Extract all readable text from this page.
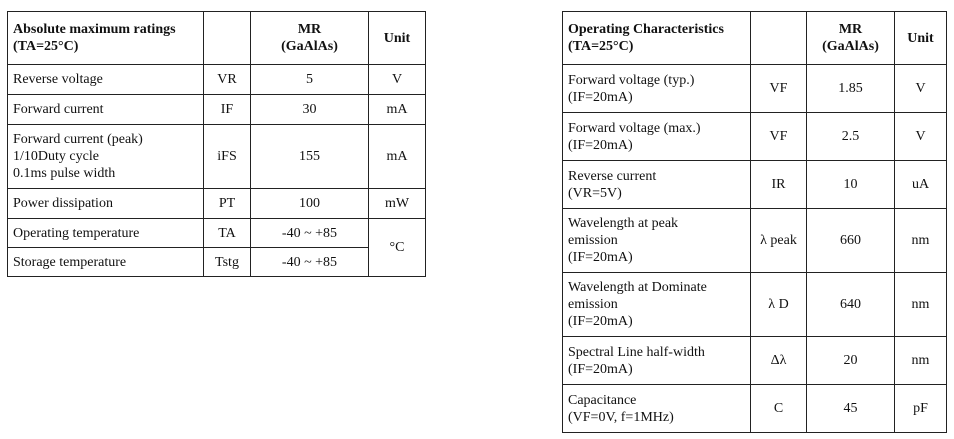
Absolute maximum ratings
(TA=25°C)		MR
(GaAlAs)	Unit
Reverse voltage	VR	5	V
Forward current	IF	30	mA
Forward current (peak)
1/10Duty cycle
0.1ms pulse width	iFS	155	mA
Power dissipation	PT	100	mW
Operating temperature	TA	-40 ~ +85	°C
Storage temperature	Tstg	-40 ~ +85	
Operating Characteristics
(TA=25°C)		MR
(GaAlAs)	Unit
Forward voltage (typ.)
(IF=20mA)	VF	1.85	V
Forward voltage (max.)
(IF=20mA)	VF	2.5	V
Reverse current
(VR=5V)	IR	10	uA
Wavelength at peak
emission
(IF=20mA)	λ peak	660	nm
Wavelength at Dominate
emission
(IF=20mA)	λ D	640	nm
Spectral Line half-width
(IF=20mA)	Δλ	20	nm
Capacitance
(VF=0V, f=1MHz)	C	45	pF
